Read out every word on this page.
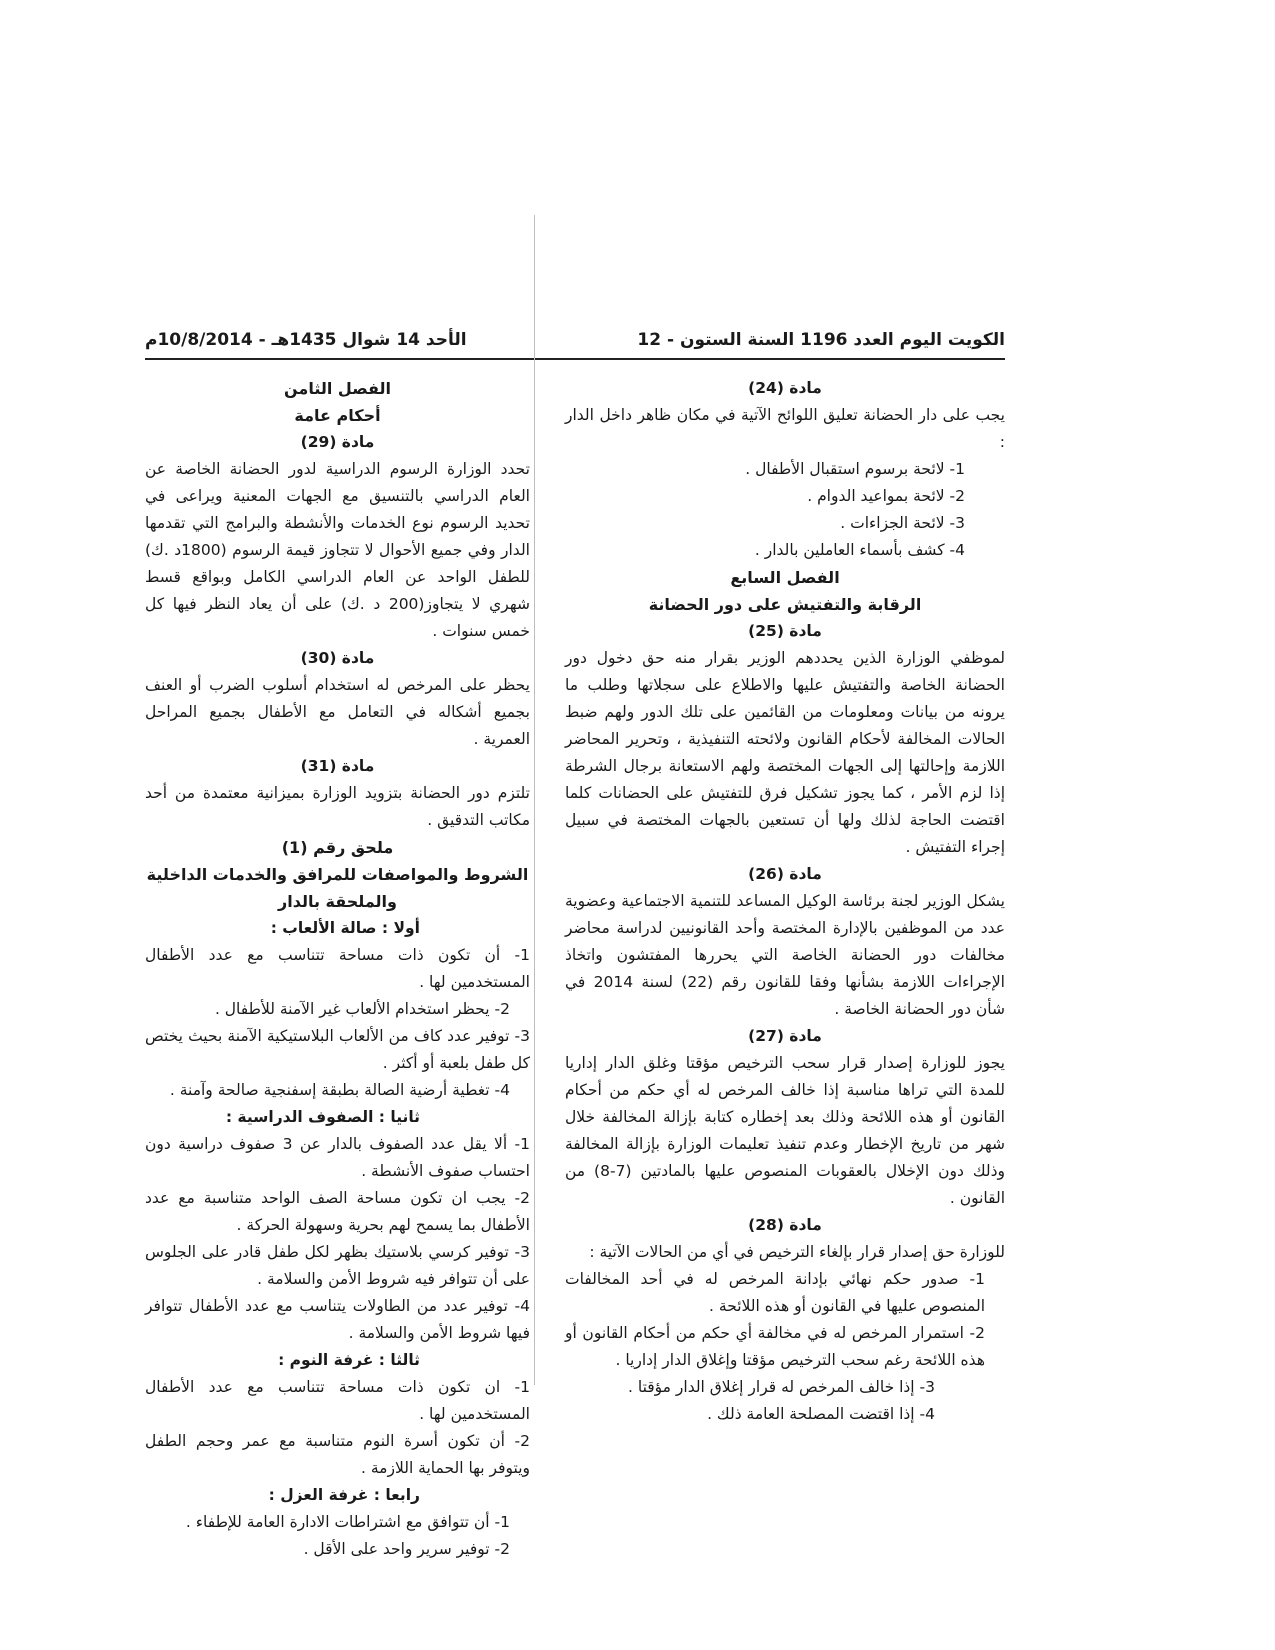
الكويت اليوم العدد 1196 السنة الستون - 12
الأحد 14 شوال 1435هـ - 10/8/2014م
مادة (24)

يجب على دار الحضانة تعليق اللوائح الآتية في مكان ظاهر داخل الدار :

1- لائحة برسوم استقبال الأطفال .
2- لائحة بمواعيد الدوام .
3- لائحة الجزاءات .
4- كشف بأسماء العاملين بالدار .
الفصل السابع
الرقابة والتفتيش على دور الحضانة
مادة (25)

لموظفي الوزارة الذين يحددهم الوزير بقرار منه حق دخول دور الحضانة الخاصة والتفتيش عليها والاطلاع على سجلاتها وطلب ما يرونه من بيانات ومعلومات من القائمين على تلك الدور ولهم ضبط الحالات المخالفة لأحكام القانون ولائحته التنفيذية ، وتحرير المحاضر اللازمة وإحالتها إلى الجهات المختصة ولهم الاستعانة برجال الشرطة إذا لزم الأمر ، كما يجوز تشكيل فرق للتفتيش على الحضانات كلما اقتضت الحاجة لذلك ولها أن تستعين بالجهات المختصة في سبيل إجراء التفتيش .

مادة (26)

يشكل الوزير لجنة برئاسة الوكيل المساعد للتنمية الاجتماعية وعضوية عدد من الموظفين بالإدارة المختصة وأحد القانونيين لدراسة محاضر مخالفات دور الحضانة الخاصة التي يحررها المفتشون واتخاذ الإجراءات اللازمة بشأنها وفقا للقانون رقم (22) لسنة 2014 في شأن دور الحضانة الخاصة .

مادة (27)

يجوز للوزارة إصدار قرار سحب الترخيص مؤقتا وغلق الدار إداريا للمدة التي تراها مناسبة إذا خالف المرخص له أي حكم من أحكام القانون أو هذه اللائحة وذلك بعد إخطاره كتابة بإزالة المخالفة خلال شهر من تاريخ الإخطار وعدم تنفيذ تعليمات الوزارة بإزالة المخالفة وذلك دون الإخلال بالعقوبات المنصوص عليها بالمادتين (7-8) من القانون .

مادة (28)

للوزارة حق إصدار قرار بإلغاء الترخيص في أي من الحالات الآتية :

1- صدور حكم نهائي بإدانة المرخص له في أحد المخالفات المنصوص عليها في القانون أو هذه اللائحة .

2- استمرار المرخص له في مخالفة أي حكم من أحكام القانون أو هذه اللائحة رغم سحب الترخيص مؤقتا وإغلاق الدار إداريا .

3- إذا خالف المرخص له قرار إغلاق الدار مؤقتا .
4- إذا اقتضت المصلحة العامة ذلك .
الفصل الثامن
أحكام عامة
مادة (29)

تحدد الوزارة الرسوم الدراسية لدور الحضانة الخاصة عن العام الدراسي بالتنسيق مع الجهات المعنية ويراعى في تحديد الرسوم نوع الخدمات والأنشطة والبرامج التي تقدمها الدار وفي جميع الأحوال لا تتجاوز قيمة الرسوم (1800د .ك) للطفل الواحد عن العام الدراسي الكامل وبواقع قسط شهري لا يتجاوز(200 د .ك) على أن يعاد النظر فيها كل خمس سنوات .

مادة (30)

يحظر على المرخص له استخدام أسلوب الضرب أو العنف بجميع أشكاله في التعامل مع الأطفال بجميع المراحل العمرية .

مادة (31)

تلتزم دور الحضانة بتزويد الوزارة بميزانية معتمدة من أحد مكاتب التدقيق .

ملحق رقم (1)
الشروط والمواصفات للمرافق والخدمات الداخلية والملحقة بالدار
أولا : صالة الألعاب :

1- أن تكون ذات مساحة تتناسب مع عدد الأطفال المستخدمين لها .

2- يحظر استخدام الألعاب غير الآمنة للأطفال .

3- توفير عدد كاف من الألعاب البلاستيكية الآمنة بحيث يختص كل طفل بلعبة أو أكثر .

4- تغطية أرضية الصالة بطبقة إسفنجية صالحة وآمنة .
ثانيا : الصفوف الدراسية :

1- ألا يقل عدد الصفوف بالدار عن 3 صفوف دراسية دون احتساب صفوف الأنشطة .

2- يجب ان تكون مساحة الصف الواحد متناسبة مع عدد الأطفال بما يسمح لهم بحرية وسهولة الحركة .

3- توفير كرسي بلاستيك بظهر لكل طفل قادر على الجلوس على أن تتوافر فيه شروط الأمن والسلامة .

4- توفير عدد من الطاولات يتناسب مع عدد الأطفال تتوافر فيها شروط الأمن والسلامة .

ثالثا : غرفة النوم :

1- ان تكون ذات مساحة تتناسب مع عدد الأطفال المستخدمين لها .

2- أن تكون أسرة النوم متناسبة مع عمر وحجم الطفل ويتوفر بها الحماية اللازمة .

رابعا : غرفة العزل :
1- أن تتوافق مع اشتراطات الادارة العامة للإطفاء .
2- توفير سرير واحد على الأقل .
